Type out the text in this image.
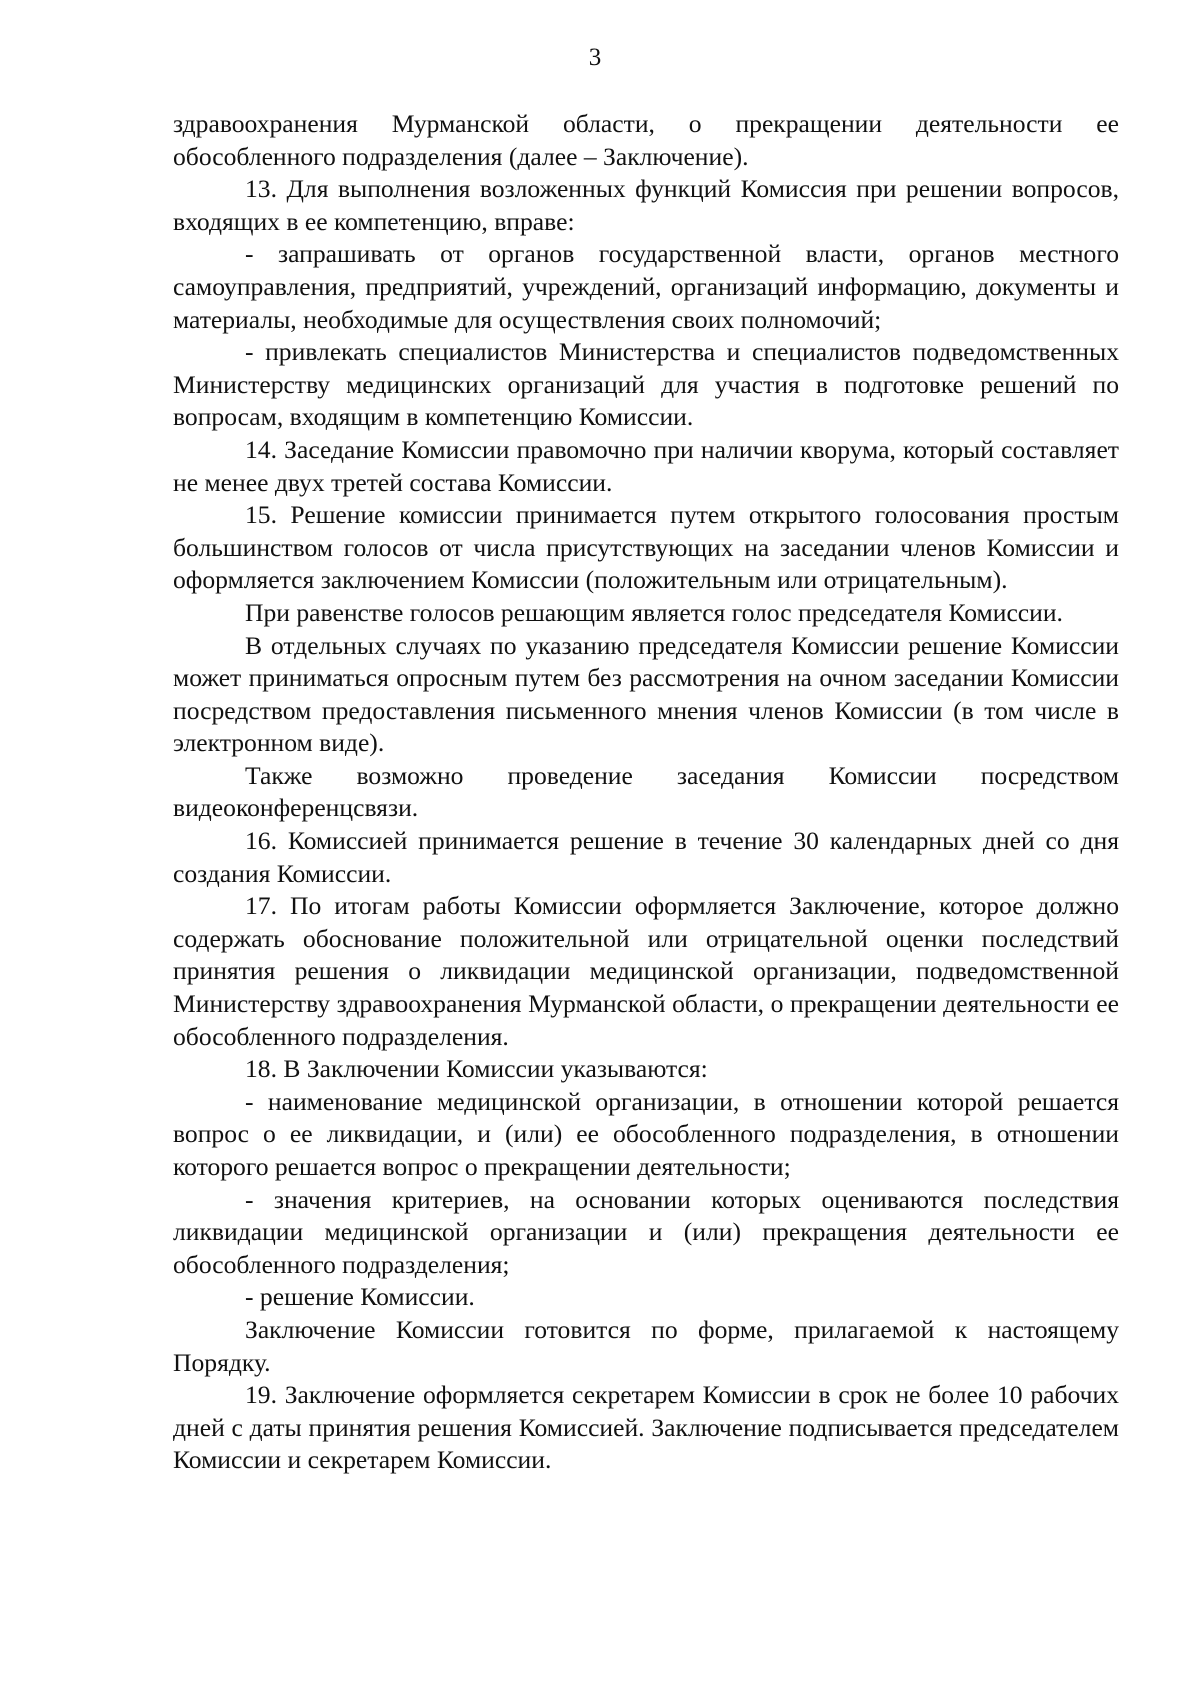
3

здравоохранения Мурманской области, о прекращении деятельности ее обособленного подразделения (далее – Заключение).

13. Для выполнения возложенных функций Комиссия при решении вопросов, входящих в ее компетенцию, вправе:

- запрашивать от органов государственной власти, органов местного самоуправления, предприятий, учреждений, организаций информацию, документы и материалы, необходимые для осуществления своих полномочий;

- привлекать специалистов Министерства и специалистов подведомственных Министерству медицинских организаций для участия в подготовке решений по вопросам, входящим в компетенцию Комиссии.

14. Заседание Комиссии правомочно при наличии кворума, который составляет не менее двух третей состава Комиссии.

15. Решение комиссии принимается путем открытого голосования простым большинством голосов от числа присутствующих на заседании членов Комиссии и оформляется заключением Комиссии (положительным или отрицательным).

При равенстве голосов решающим является голос председателя Комиссии.

В отдельных случаях по указанию председателя Комиссии решение Комиссии может приниматься опросным путем без рассмотрения на очном заседании Комиссии посредством предоставления письменного мнения членов Комиссии (в том числе в электронном виде).

Также возможно проведение заседания Комиссии посредством видеоконференцсвязи.

16. Комиссией принимается решение в течение 30 календарных дней со дня создания Комиссии.

17. По итогам работы Комиссии оформляется Заключение, которое должно содержать обоснование положительной или отрицательной оценки последствий принятия решения о ликвидации медицинской организации, подведомственной Министерству здравоохранения Мурманской области, о прекращении деятельности ее обособленного подразделения.

18. В Заключении Комиссии указываются:

- наименование медицинской организации, в отношении которой решается вопрос о ее ликвидации, и (или) ее обособленного подразделения, в отношении которого решается вопрос о прекращении деятельности;

- значения критериев, на основании которых оцениваются последствия ликвидации медицинской организации и (или) прекращения деятельности ее обособленного подразделения;

- решение Комиссии.

Заключение Комиссии готовится по форме, прилагаемой к настоящему Порядку.

19. Заключение оформляется секретарем Комиссии в срок не более 10 рабочих дней с даты принятия решения Комиссией. Заключение подписывается председателем Комиссии и секретарем Комиссии.
